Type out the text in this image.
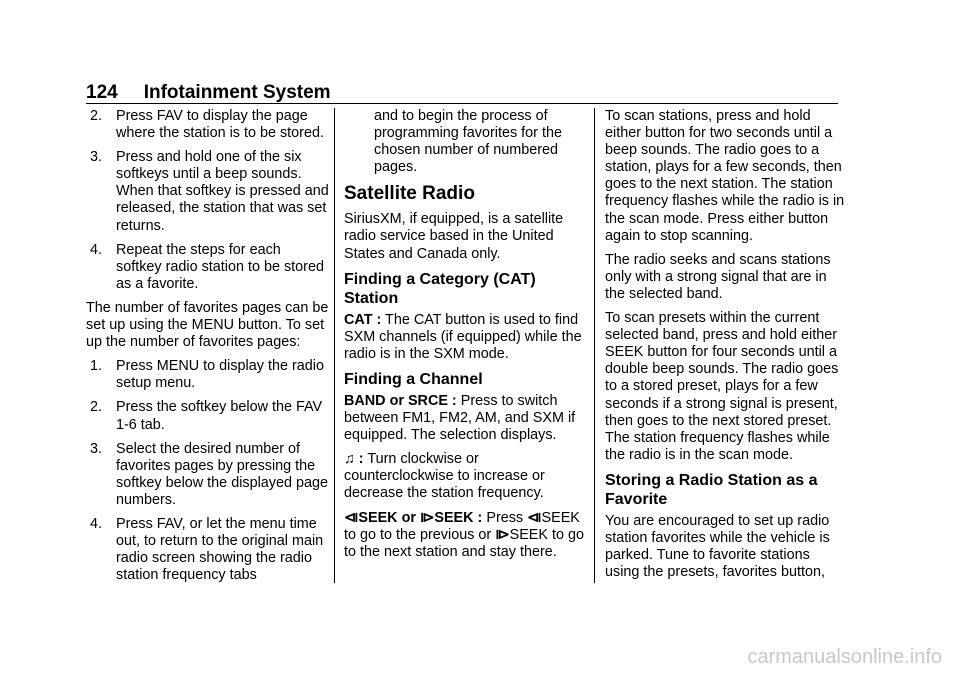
124 Infotainment System
2. Press FAV to display the page where the station is to be stored.
3. Press and hold one of the six softkeys until a beep sounds. When that softkey is pressed and released, the station that was set returns.
4. Repeat the steps for each softkey radio station to be stored as a favorite.

The number of favorites pages can be set up using the MENU button. To set up the number of favorites pages:

1. Press MENU to display the radio setup menu.
2. Press the softkey below the FAV 1-6 tab.
3. Select the desired number of favorites pages by pressing the softkey below the displayed page numbers.
4. Press FAV, or let the menu time out, to return to the original main radio screen showing the radio station frequency tabs
and to begin the process of programming favorites for the chosen number of numbered pages.
Satellite Radio

SiriusXM, if equipped, is a satellite radio service based in the United States and Canada only.

Finding a Category (CAT) Station

CAT : The CAT button is used to find SXM channels (if equipped) while the radio is in the SXM mode.

Finding a Channel

BAND or SRCE : Press to switch between FM1, FM2, AM, and SXM if equipped. The selection displays.

♫ : Turn clockwise or counterclockwise to increase or decrease the station frequency.

⧏SEEK or ⧐SEEK : Press ⧏SEEK to go to the previous or ⧐SEEK to go to the next station and stay there.

To scan stations, press and hold either button for two seconds until a beep sounds. The radio goes to a station, plays for a few seconds, then goes to the next station. The station frequency flashes while the radio is in the scan mode. Press either button again to stop scanning.

The radio seeks and scans stations only with a strong signal that are in the selected band.

To scan presets within the current selected band, press and hold either SEEK button for four seconds until a double beep sounds. The radio goes to a stored preset, plays for a few seconds if a strong signal is present, then goes to the next stored preset. The station frequency flashes while the radio is in the scan mode.

Storing a Radio Station as a Favorite

You are encouraged to set up radio station favorites while the vehicle is parked. Tune to favorite stations using the presets, favorites button,

carmanualsonline.info
